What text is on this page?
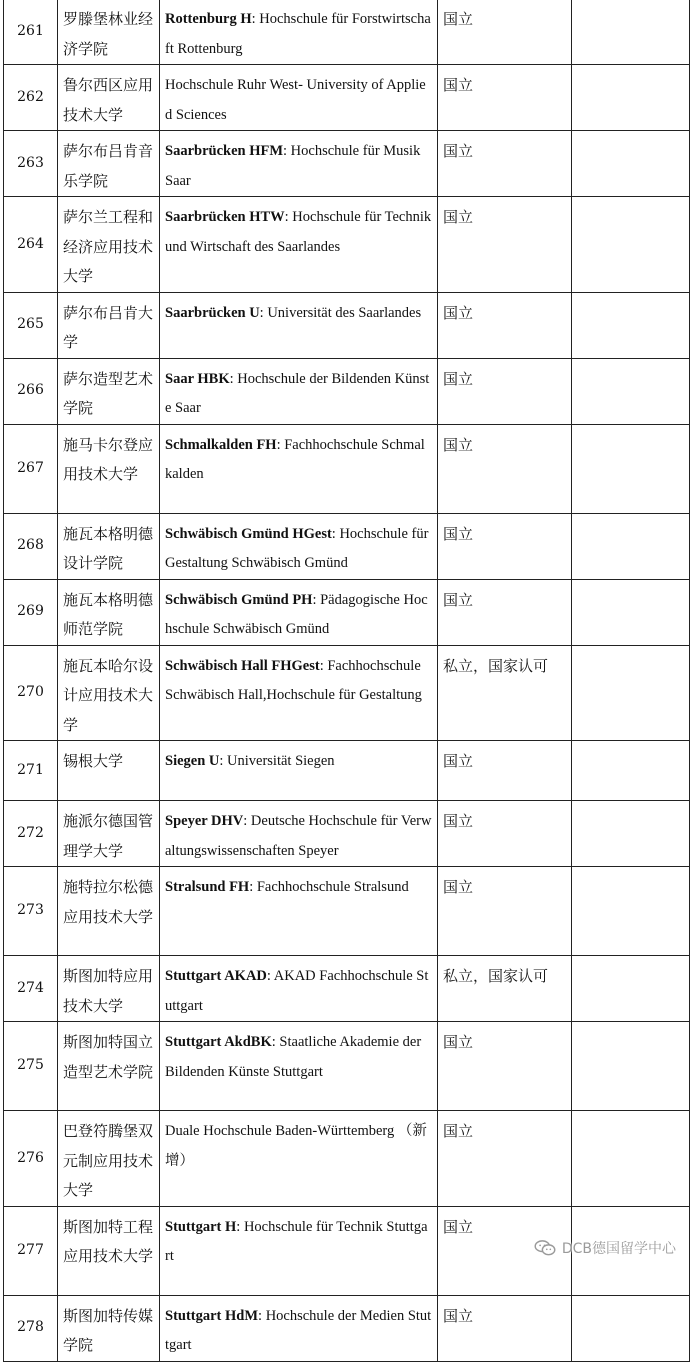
261	罗滕堡林业经济学院	Rottenburg H: Hochschule für Forstwirtschaft Rottenburg	国立	
262	鲁尔西区应用技术大学	Hochschule Ruhr West- University of Applied Sciences	国立	
263	萨尔布吕肯音乐学院	Saarbrücken HFM: Hochschule für Musik Saar	国立	
264	萨尔兰工程和经济应用技术大学	Saarbrücken HTW: Hochschule für Technik und Wirtschaft des Saarlandes	国立	
265	萨尔布吕肯大学	Saarbrücken U: Universität des Saarlandes	国立	
266	萨尔造型艺术学院	Saar HBK: Hochschule der Bildenden Künste Saar	国立	
267	施马卡尔登应用技术大学	Schmalkalden FH: Fachhochschule Schmalkalden	国立	
268	施瓦本格明德设计学院	Schwäbisch Gmünd HGest: Hochschule für Gestaltung Schwäbisch Gmünd	国立	
269	施瓦本格明德师范学院	Schwäbisch Gmünd PH: Pädagogische Hochschule Schwäbisch Gmünd	国立	
270	施瓦本哈尔设计应用技术大学	Schwäbisch Hall FHGest: Fachhochschule Schwäbisch Hall,Hochschule für Gestaltung	私立，国家认可	
271	锡根大学	Siegen U: Universität Siegen	国立	
272	施派尔德国管理学大学	Speyer DHV: Deutsche Hochschule für Verwaltungswissenschaften Speyer	国立	
273	施特拉尔松德应用技术大学	Stralsund FH: Fachhochschule Stralsund	国立	
274	斯图加特应用技术大学	Stuttgart AKAD: AKAD Fachhochschule Stuttgart	私立，国家认可	
275	斯图加特国立造型艺术学院	Stuttgart AkdBK: Staatliche Akademie der Bildenden Künste Stuttgart	国立	
276	巴登符腾堡双元制应用技术大学	Duale Hochschule Baden-Württemberg （新增）	国立	
277	斯图加特工程应用技术大学	Stuttgart H: Hochschule für Technik Stuttgart	国立	
278	斯图加特传媒学院	Stuttgart HdM: Hochschule der Medien Stuttgart	国立	
DCB德国留学中心
